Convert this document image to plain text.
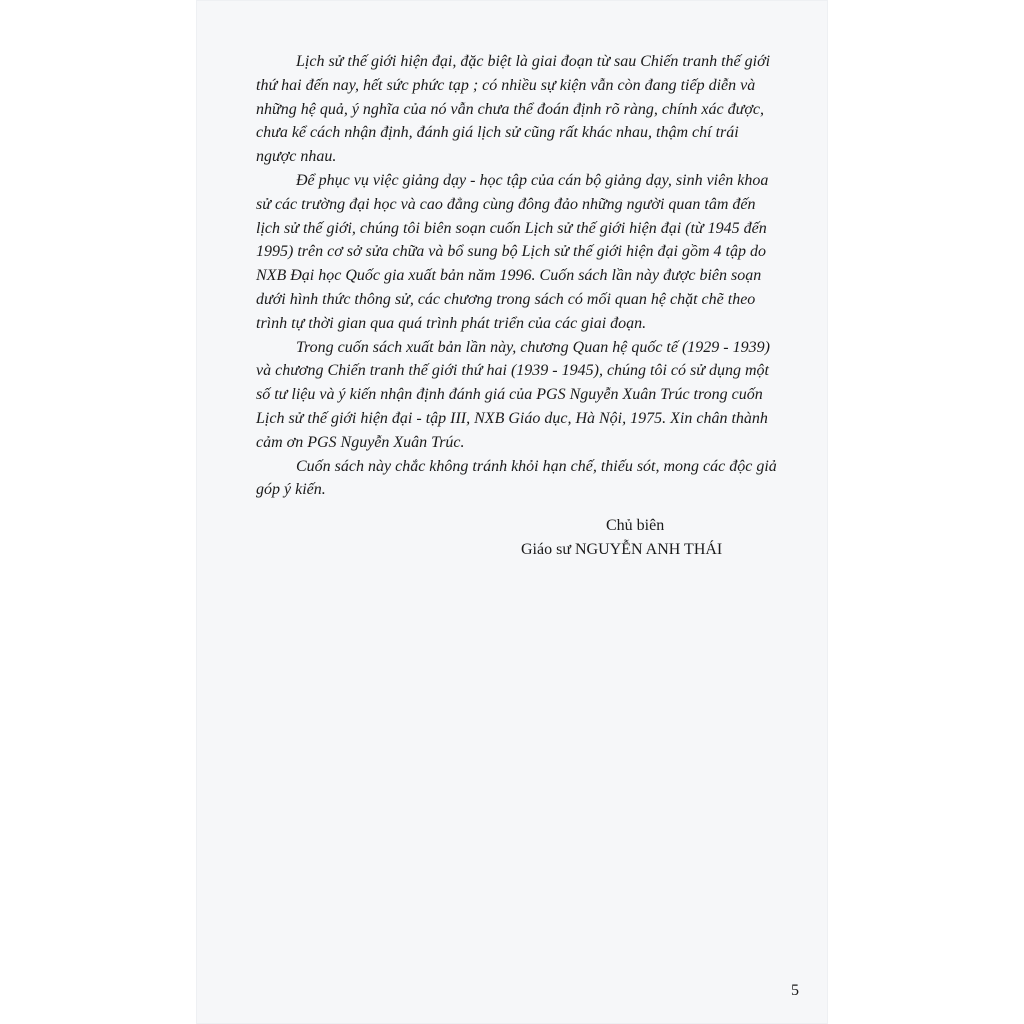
Lịch sử thế giới hiện đại, đặc biệt là giai đoạn từ sau Chiến tranh thế giới
thứ hai đến nay, hết sức phức tạp ; có nhiều sự kiện vẫn còn đang tiếp diễn và
những hệ quả, ý nghĩa của nó vẫn chưa thể đoán định rõ ràng, chính xác được,
chưa kể cách nhận định, đánh giá lịch sử cũng rất khác nhau, thậm chí trái
ngược nhau.

Để phục vụ việc giảng dạy - học tập của cán bộ giảng dạy, sinh viên khoa
sử các trường đại học và cao đẳng cùng đông đảo những người quan tâm đến
lịch sử thế giới, chúng tôi biên soạn cuốn Lịch sử thế giới hiện đại (từ 1945 đến
1995) trên cơ sở sửa chữa và bổ sung bộ Lịch sử thế giới hiện đại gồm 4 tập do
NXB Đại học Quốc gia xuất bản năm 1996. Cuốn sách lần này được biên soạn
dưới hình thức thông sử, các chương trong sách có mối quan hệ chặt chẽ theo
trình tự thời gian qua quá trình phát triển của các giai đoạn.

Trong cuốn sách xuất bản lần này, chương Quan hệ quốc tế (1929 - 1939)
và chương Chiến tranh thế giới thứ hai (1939 - 1945), chúng tôi có sử dụng một
số tư liệu và ý kiến nhận định đánh giá của PGS Nguyễn Xuân Trúc trong cuốn
Lịch sử thế giới hiện đại - tập III, NXB Giáo dục, Hà Nội, 1975. Xin chân thành
cảm ơn PGS Nguyễn Xuân Trúc.

Cuốn sách này chắc không tránh khỏi hạn chế, thiếu sót, mong các độc giả
góp ý kiến.

Chủ biên
Giáo sư NGUYỄN ANH THÁI
5
